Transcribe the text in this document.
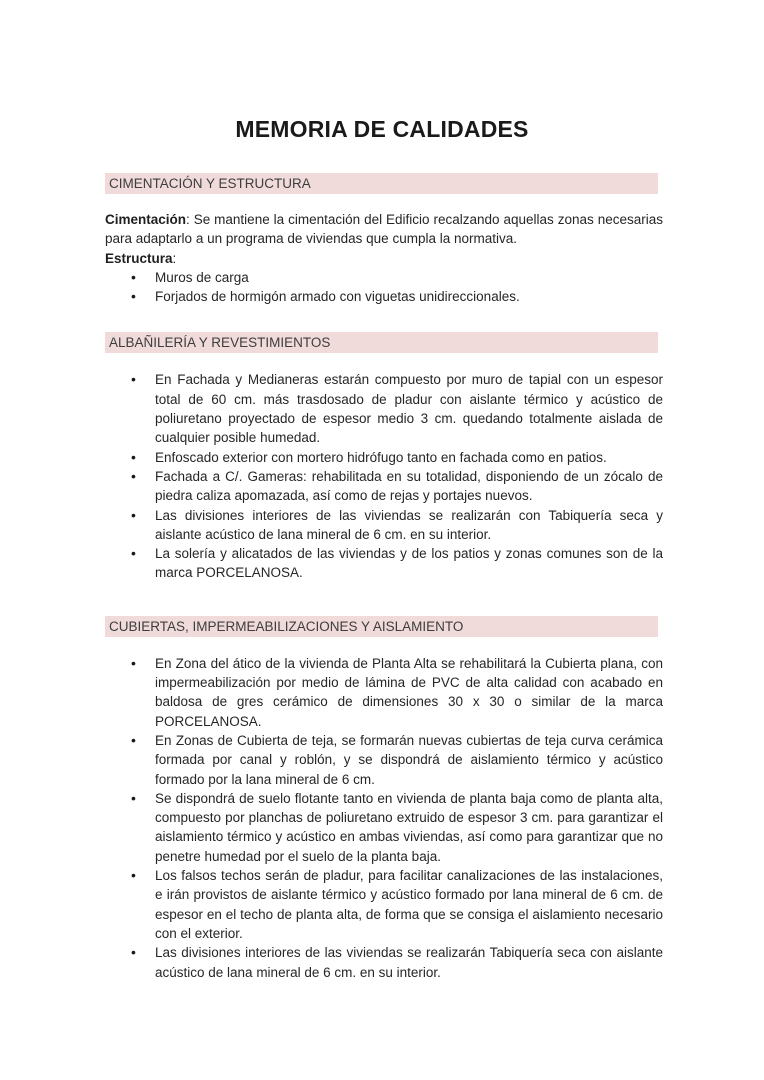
MEMORIA DE CALIDADES
CIMENTACIÓN Y ESTRUCTURA

Cimentación: Se mantiene la cimentación del Edificio recalzando aquellas zonas necesarias para adaptarlo a un programa de viviendas que cumpla la normativa.

Estructura:

• Muros de carga
• Forjados de hormigón armado con viguetas unidireccionales.
ALBAÑILERÍA Y REVESTIMIENTOS
• En Fachada y Medianeras estarán compuesto por muro de tapial con un espesor total de 60 cm. más trasdosado de pladur con aislante térmico y acústico de poliuretano proyectado de espesor medio 3 cm. quedando totalmente aislada de cualquier posible humedad.
• Enfoscado exterior con mortero hidrófugo tanto en fachada como en patios.
• Fachada a C/. Gameras: rehabilitada en su totalidad, disponiendo de un zócalo de piedra caliza apomazada, así como de rejas y portajes nuevos.
• Las divisiones interiores de las viviendas se realizarán con Tabiquería seca y aislante acústico de lana mineral de 6 cm. en su interior.
• La solería y alicatados de las viviendas y de los patios y zonas comunes son de la marca PORCELANOSA.
CUBIERTAS, IMPERMEABILIZACIONES Y AISLAMIENTO
• En Zona del ático de la vivienda de Planta Alta se rehabilitará la Cubierta plana, con impermeabilización por medio de lámina de PVC de alta calidad con acabado en baldosa de gres cerámico de dimensiones 30 x 30 o similar de la marca PORCELANOSA.
• En Zonas de Cubierta de teja, se formarán nuevas cubiertas de teja curva cerámica formada por canal y roblón, y se dispondrá de aislamiento térmico y acústico formado por la lana mineral de 6 cm.
• Se dispondrá de suelo flotante tanto en vivienda de planta baja como de planta alta, compuesto por planchas de poliuretano extruido de espesor 3 cm. para garantizar el aislamiento térmico y acústico en ambas viviendas, así como para garantizar que no penetre humedad por el suelo de la planta baja.
• Los falsos techos serán de pladur, para facilitar canalizaciones de las instalaciones, e irán provistos de aislante térmico y acústico formado por lana mineral de 6 cm. de espesor en el techo de planta alta, de forma que se consiga el aislamiento necesario con el exterior.
• Las divisiones interiores de las viviendas se realizarán Tabiquería seca con aislante acústico de lana mineral de 6 cm. en su interior.
